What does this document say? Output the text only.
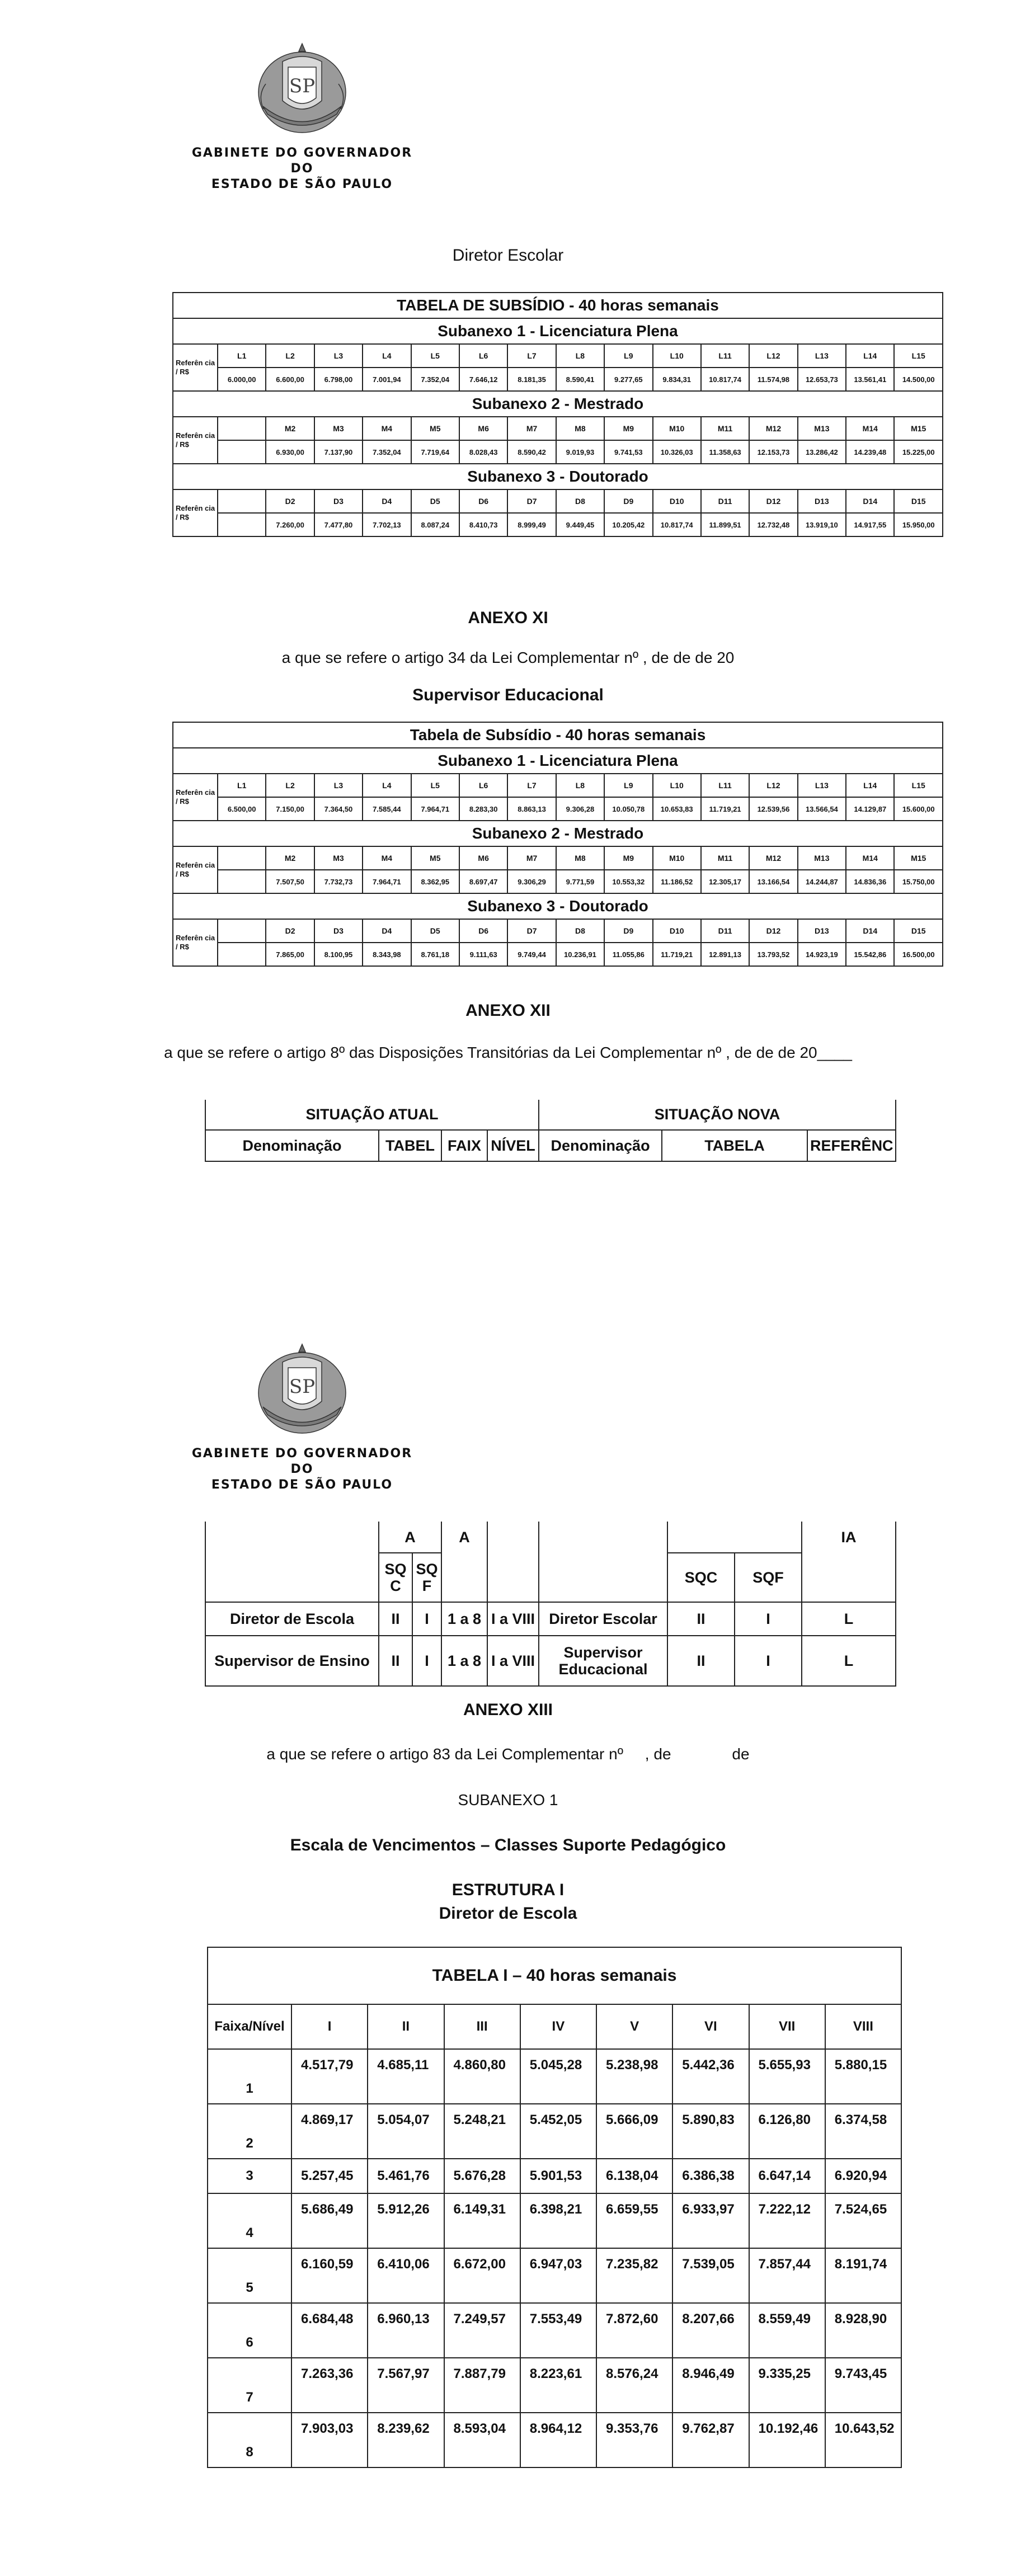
SP
GABINETE DO GOVERNADOR
DO
ESTADO DE SÃO PAULO
Diretor Escolar
TABELA DE SUBSÍDIO - 40 horas semanais															
Subanexo 1 - Licenciatura Plena															
Referên cia / R$	L1	L2	L3	L4	L5	L6	L7	L8	L9	L10	L11	L12	L13	L14	L15
	6.000,00	6.600,00	6.798,00	7.001,94	7.352,04	7.646,12	8.181,35	8.590,41	9.277,65	9.834,31	10.817,74	11.574,98	12.653,73	13.561,41	14.500,00
Subanexo 2 - Mestrado															
Referên cia / R$		M2	M3	M4	M5	M6	M7	M8	M9	M10	M11	M12	M13	M14	M15
		6.930,00	7.137,90	7.352,04	7.719,64	8.028,43	8.590,42	9.019,93	9.741,53	10.326,03	11.358,63	12.153,73	13.286,42	14.239,48	15.225,00
Subanexo 3 - Doutorado															
Referên cia / R$		D2	D3	D4	D5	D6	D7	D8	D9	D10	D11	D12	D13	D14	D15
		7.260,00	7.477,80	7.702,13	8.087,24	8.410,73	8.999,49	9.449,45	10.205,42	10.817,74	11.899,51	12.732,48	13.919,10	14.917,55	15.950,00
ANEXO XI
a que se refere o artigo 34 da Lei Complementar nº , de de de 20
Supervisor Educacional
Tabela de Subsídio - 40 horas semanais															
Subanexo 1 - Licenciatura Plena															
Referên cia / R$	L1	L2	L3	L4	L5	L6	L7	L8	L9	L10	L11	L12	L13	L14	L15
	6.500,00	7.150,00	7.364,50	7.585,44	7.964,71	8.283,30	8.863,13	9.306,28	10.050,78	10.653,83	11.719,21	12.539,56	13.566,54	14.129,87	15.600,00
Subanexo 2 - Mestrado															
Referên cia / R$		M2	M3	M4	M5	M6	M7	M8	M9	M10	M11	M12	M13	M14	M15
		7.507,50	7.732,73	7.964,71	8.362,95	8.697,47	9.306,29	9.771,59	10.553,32	11.186,52	12.305,17	13.166,54	14.244,87	14.836,36	15.750,00
Subanexo 3 - Doutorado															
Referên cia / R$		D2	D3	D4	D5	D6	D7	D8	D9	D10	D11	D12	D13	D14	D15
		7.865,00	8.100,95	8.343,98	8.761,18	9.111,63	9.749,44	10.236,91	11.055,86	11.719,21	12.891,13	13.793,52	14.923,19	15.542,86	16.500,00
ANEXO XII
a que se refere o artigo 8º das Disposições Transitórias da Lei Complementar nº , de de de 20____
SITUAÇÃO ATUAL				SITUAÇÃO NOVA		
Denominação	TABEL	FAIX	NÍVEL	Denominação	TABELA	REFERÊNC
SP
GABINETE DO GOVERNADOR
DO
ESTADO DE SÃO PAULO
	A		A					IA
	SQ C	SQ F				SQC	SQF	
Diretor de Escola	II	I	1 a 8	I a VIII	Diretor Escolar	II	I	L
Supervisor de Ensino	II	I	1 a 8	I a VIII	Supervisor Educacional	II	I	L
ANEXO XIII
a que se refere o artigo 83 da Lei Complementar nº     , de              de
SUBANEXO 1
Escala de Vencimentos – Classes Suporte Pedagógico
ESTRUTURA I
Diretor de Escola
TABELA I – 40 horas semanais								
Faixa/Nível	I	II	III	IV	V	VI	VII	VIII
1	4.517,79	4.685,11	4.860,80	5.045,28	5.238,98	5.442,36	5.655,93	5.880,15
2	4.869,17	5.054,07	5.248,21	5.452,05	5.666,09	5.890,83	6.126,80	6.374,58
3	5.257,45	5.461,76	5.676,28	5.901,53	6.138,04	6.386,38	6.647,14	6.920,94
4	5.686,49	5.912,26	6.149,31	6.398,21	6.659,55	6.933,97	7.222,12	7.524,65
5	6.160,59	6.410,06	6.672,00	6.947,03	7.235,82	7.539,05	7.857,44	8.191,74
6	6.684,48	6.960,13	7.249,57	7.553,49	7.872,60	8.207,66	8.559,49	8.928,90
7	7.263,36	7.567,97	7.887,79	8.223,61	8.576,24	8.946,49	9.335,25	9.743,45
8	7.903,03	8.239,62	8.593,04	8.964,12	9.353,76	9.762,87	10.192,46	10.643,52
